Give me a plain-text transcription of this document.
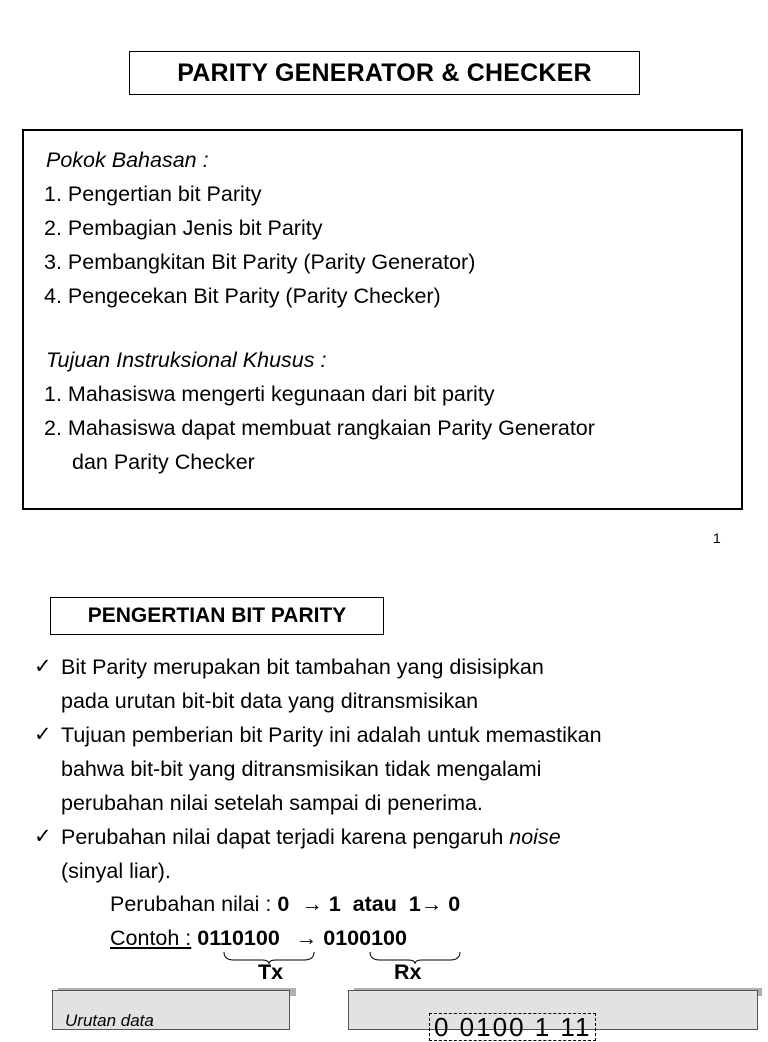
PARITY GENERATOR & CHECKER
Pokok Bahasan :
1. Pengertian bit Parity
2. Pembagian Jenis bit Parity
3. Pembangkitan Bit Parity (Parity Generator)
4. Pengecekan Bit Parity (Parity Checker)
Tujuan Instruksional Khusus :
1. Mahasiswa mengerti kegunaan dari bit parity
2. Mahasiswa dapat membuat rangkaian Parity Generator
dan Parity Checker
1
PENGERTIAN BIT PARITY
✓ Bit Parity merupakan bit tambahan yang disisipkan
pada urutan bit-bit data yang ditransmisikan
✓ Tujuan pemberian bit Parity ini adalah untuk memastikan
bahwa bit-bit yang ditransmisikan tidak mengalami
perubahan nilai setelah sampai di penerima.
✓ Perubahan nilai dapat terjadi karena pengaruh noise
(sinyal liar).
Perubahan nilai : 0  → 1  atau  1→ 0
Contoh : 0110100 → 0100100
Tx	Rx
Urutan data	0 0100 1 11
